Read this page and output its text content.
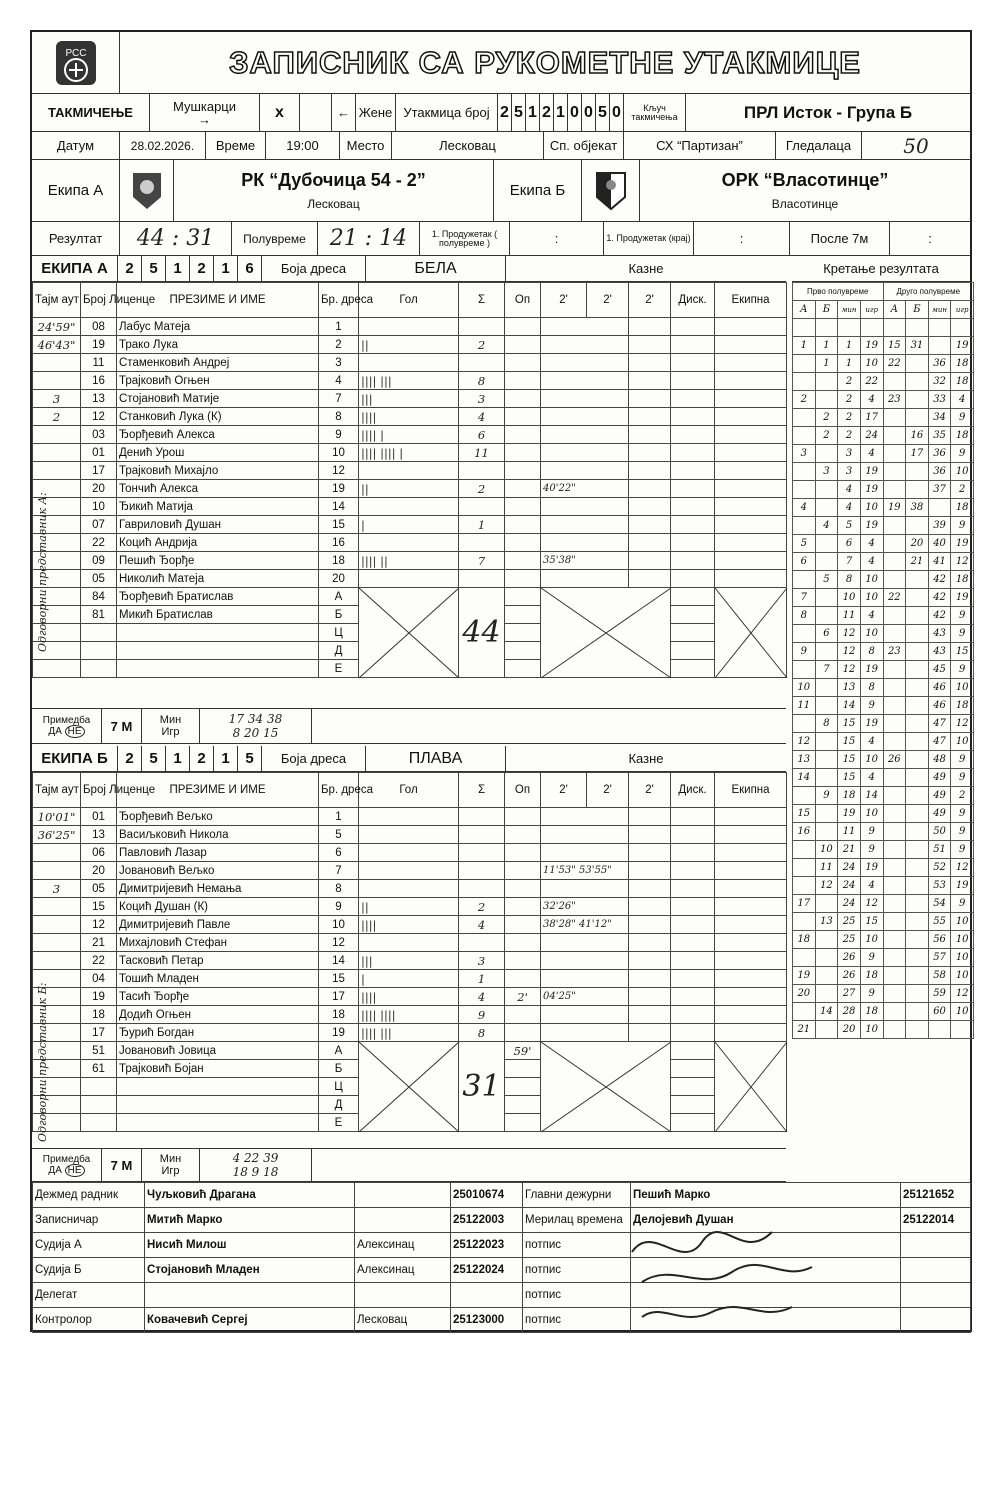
РСС	ЗАПИСНИК СА РУКОМЕТНЕ УТАКМИЦЕ
ТАКМИЧЕЊЕ	Мушкарци
→	x	← Жене Утакмица број 2 5 1 2 1 0 0 5 0	Кључ такмичења	ПРЛ Исток - Група Б
Датум	28.02.2026.	Време	19:00	Место	Лесковац	Сп. објекат	СХ “Партизан”	Гледалаца	50
Екипа А
РК “Дубочица 54 - 2”
Лесковац
Екипа Б
ОРК “Власотинце”
Власотинце
Резултат	44 : 31	Полувреме	21 : 14	1. Продужетак ( полувреме )	:	1. Продужетак (крај)	:	После 7м	:
ЕКИПА А	2	5	1	2	1	6	Боја дреса	БЕЛА	Казне	Кретање резултата
Тајм аут	Број Лиценце	ПРЕЗИМЕ И ИМЕ	Бр. дреса	Гол	Σ	Оп	2'	2'	2'	Диск.	Екипна
24'59"	08	Лабус Матеја	1								
46'43"	19	Трако Лука	2	||	2						
	11	Стаменковић Андреј	3								
	16	Трајковић Огњен	4	|||| |||	8						
3	13	Стојановић Матије	7	|||	3						
2	12	Станковић Лука (К)	8	||||	4						
	03	Ђорђевић Алекса	9	|||| |	6						
	01	Денић Урош	10	|||| |||| |	11						
	17	Трајковић Михајло	12								
	20	Тончић Алекса	19	||	2		40'22"				
	10	Ђикић Матија	14								
	07	Гавриловић Душан	15	|	1						
	22	Коцић Андрија	16								
	09	Пешић Ђорђе	18	|||| ||	7		35'38"				
	05	Николић Матеја	20								
	84	Ђорђевић Братислав	А		44		

	81	Микић Братислав	Б								
			Ц								
			Д								
			Е								
Одговорни представник А:
Примедба
ДА НЕ	7 М	Мин
Игр
17 34 38
8 20 15
ЕКИПА Б	2	5	1	2	1	5	Боја дреса	ПЛАВА	Казне
Тајм аут	Број Лиценце	ПРЕЗИМЕ И ИМЕ	Бр. дреса	Гол	Σ	Оп	2'	2'	2'	Диск.	Екипна
10'01"	01	Ђорђевић Вељко	1								
36'25"	13	Васиљковић Никола	5								
	06	Павловић Лазар	6								
	20	Јовановић Вељко	7				11'53" 53'55"				
3	05	Димитријевић Немања	8								
	15	Коцић Душан (К)	9	||	2		32'26"				
	12	Димитријевић Павле	10	||||	4		38'28" 41'12"				
	21	Михајловић Стефан	12								
	22	Тасковић Петар	14	|||	3						
	04	Тошић Младен	15	|	1						
	19	Тасић Ђорђе	17	||||	4	2'	04'25"				
	18	Додић Огњен	18	|||| ||||	9						
	17	Ђурић Богдан	19	|||| |||	8						
	51	Јовановић Јовица	А		31	59'	

	61	Трајковић Бојан	Б								
			Ц								
			Д								
			Е								
Одговорни представник Б:
Примедба
ДА НЕ	7 М	Мин
Игр
4 22 39
18 9 18
Прво полувреме				Друго полувреме			
А	Б	мин	игр	А	Б	мин	игр

1	1	1	19	15	31		19
	1	1	10	22		36	18
		2	22			32	18
2		2	4	23		33	4
	2	2	17			34	9
	2	2	24		16	35	18
3		3	4		17	36	9
	3	3	19			36	10
		4	19			37	2
4		4	10	19	38		18
	4	5	19			39	9
5		6	4		20	40	19
6		7	4		21	41	12
	5	8	10			42	18
7		10	10	22		42	19
8		11	4			42	9
	6	12	10			43	9
9		12	8	23		43	15
	7	12	19			45	9
10		13	8			46	10
11		14	9			46	18
	8	15	19			47	12
12		15	4			47	10
13		15	10	26		48	9
14		15	4			49	9
	9	18	14			49	2
15		19	10			49	9
16		11	9			50	9
	10	21	9			51	9
	11	24	19			52	12
	12	24	4			53	19
17		24	12			54	9
	13	25	15			55	10
18		25	10			56	10
		26	9			57	10
19		26	18			58	10
20		27	9			59	12
	14	28	18			60	10
21		20	10				
Дежмед радник	Чуљковић Драгана		25010674	Главни дежурни	Пешић Марко	25121652
Записничар	Митић Марко		25122003	Мерилац времена	Делојевић Душан	25122014
Судија А	Нисић Милош	Алексинац	25122023	потпис		
Судија Б	Стојановић Младен	Алексинац	25122024	потпис		
Делегат				потпис		
Контролор	Ковачевић Сергеј	Лесковац	25123000	потпис		
